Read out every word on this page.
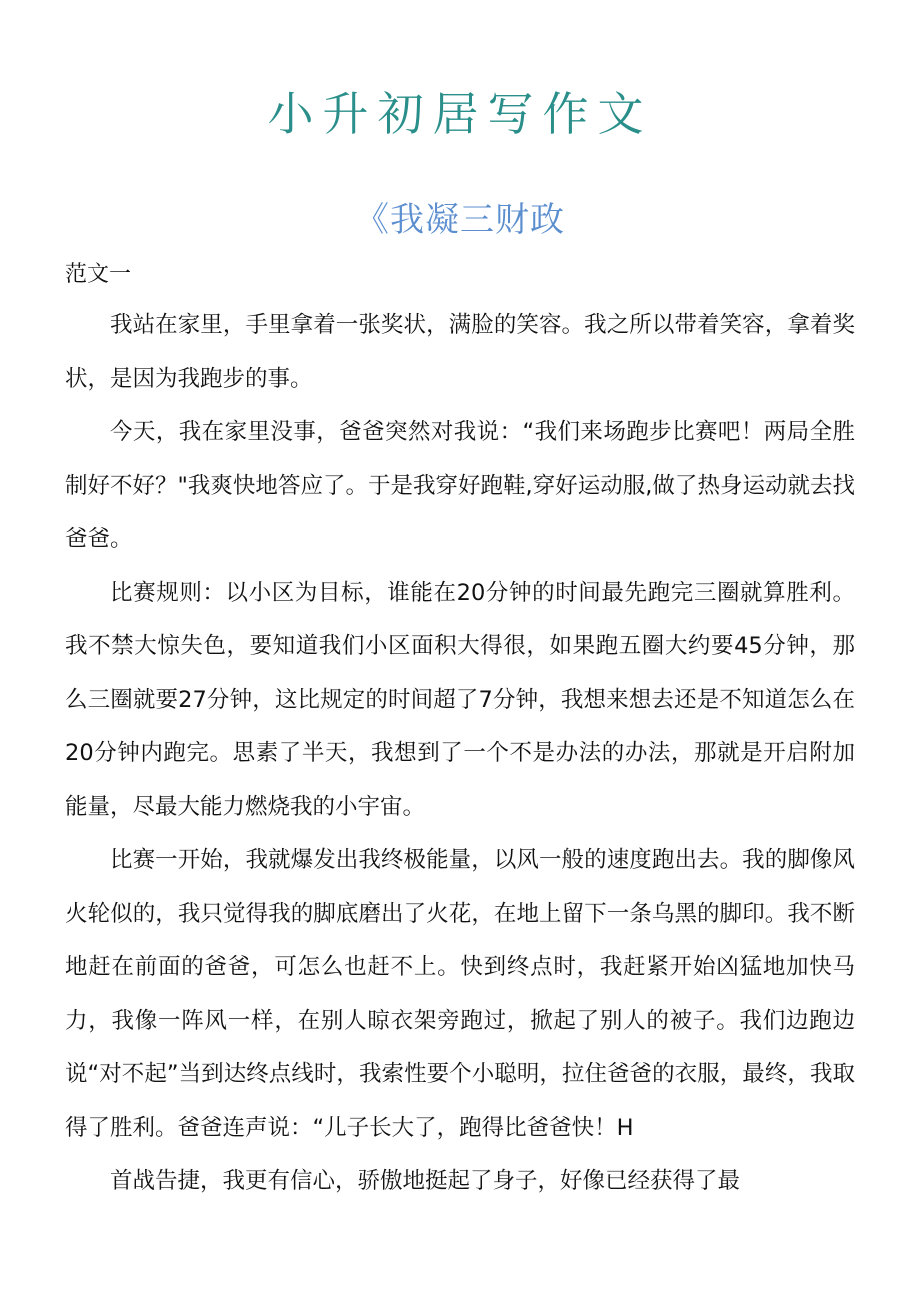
小升初居写作文
《我凝三财政
范文一

我站在家里，手里拿着一张奖状，满脸的笑容。我之所以带着笑容，拿着奖状，是因为我跑步的事。

今天，我在家里没事，爸爸突然对我说：“我们来场跑步比赛吧！两局全胜制好不好？"我爽快地答应了。于是我穿好跑鞋,穿好运动服,做了热身运动就去找爸爸。

比赛规则：以小区为目标，谁能在20分钟的时间最先跑完三圈就算胜利。我不禁大惊失色，要知道我们小区面积大得很，如果跑五圈大约要45分钟，那么三圈就要27分钟，这比规定的时间超了7分钟，我想来想去还是不知道怎么在20分钟内跑完。思素了半天，我想到了一个不是办法的办法，那就是开启附加能量，尽最大能力燃烧我的小宇宙。

比赛一开始，我就爆发出我终极能量，以风一般的速度跑出去。我的脚像风火轮似的，我只觉得我的脚底磨出了火花，在地上留下一条乌黑的脚印。我不断地赶在前面的爸爸，可怎么也赶不上。快到终点时，我赶紧开始凶猛地加快马力，我像一阵风一样，在别人晾衣架旁跑过，掀起了别人的被子。我们边跑边说“对不起”当到达终点线时，我索性要个小聪明，拉住爸爸的衣服，最终，我取得了胜利。爸爸连声说：“儿子长大了，跑得比爸爸快！H

首战告捷，我更有信心，骄傲地挺起了身子，好像已经获得了最
